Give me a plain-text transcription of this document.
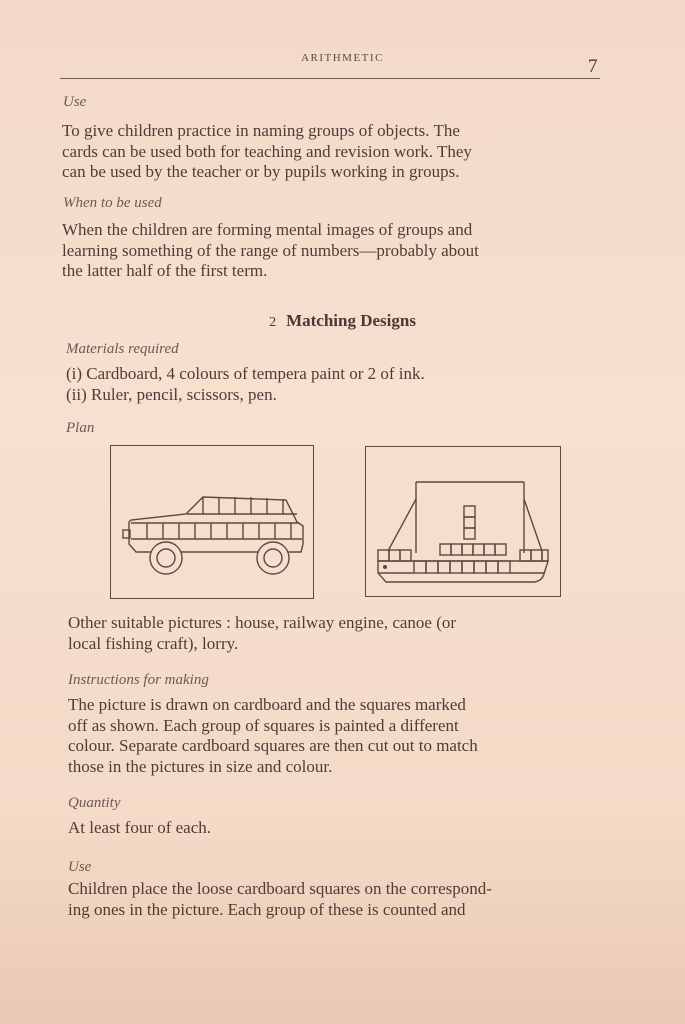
ARITHMETIC	7

Use

To give children practice in naming groups of objects. The
cards can be used both for teaching and revision work. They
can be used by the teacher or by pupils working in groups.

When to be used

When the children are forming mental images of groups and
learning something of the range of numbers—probably about
the latter half of the first term.

2 Matching Designs

Materials required

(i) Cardboard, 4 colours of tempera paint or 2 of ink.
(ii) Ruler, pencil, scissors, pen.

Plan

Other suitable pictures : house, railway engine, canoe (or
local fishing craft), lorry.

Instructions for making

The picture is drawn on cardboard and the squares marked
off as shown. Each group of squares is painted a different
colour. Separate cardboard squares are then cut out to match
those in the pictures in size and colour.

Quantity

At least four of each.

Use

Children place the loose cardboard squares on the correspond-
ing ones in the picture. Each group of these is counted and
